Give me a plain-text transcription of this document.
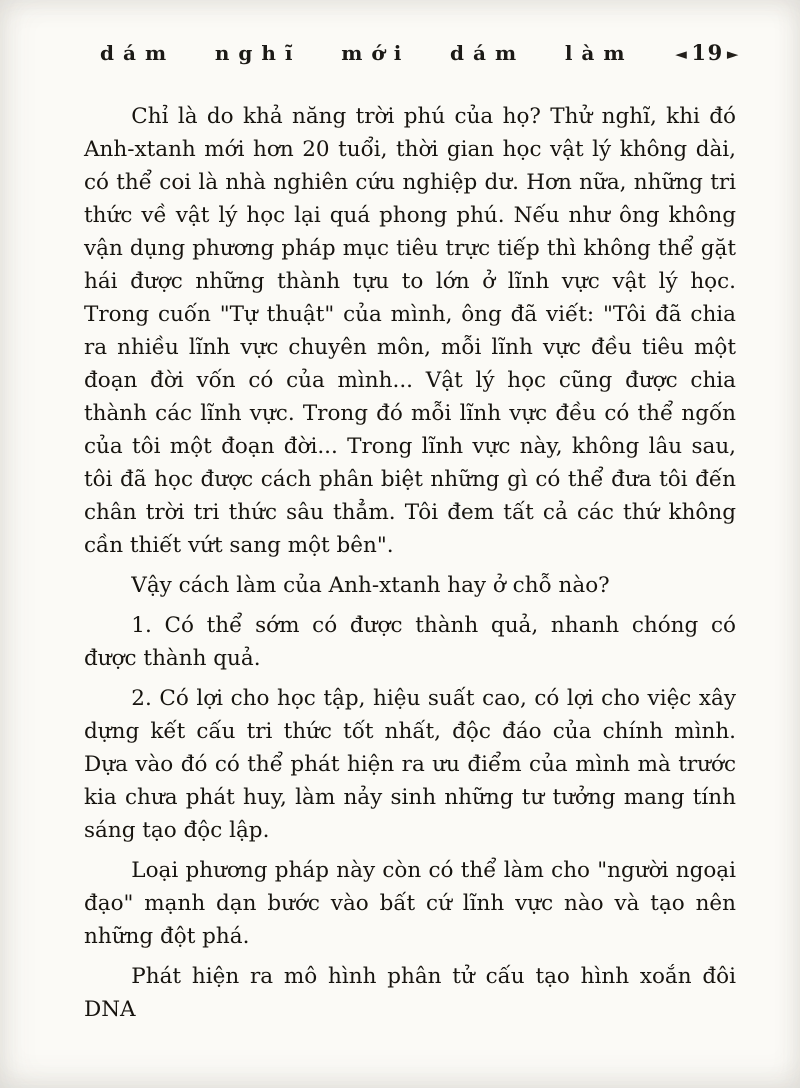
dám nghĩ mới dám làm	◄ 19 ►

Chỉ là do khả năng trời phú của họ? Thử nghĩ, khi đó Anh-xtanh mới hơn 20 tuổi, thời gian học vật lý không dài, có thể coi là nhà nghiên cứu nghiệp dư. Hơn nữa, những tri thức về vật lý học lại quá phong phú. Nếu như ông không vận dụng phương pháp mục tiêu trực tiếp thì không thể gặt hái được những thành tựu to lớn ở lĩnh vực vật lý học. Trong cuốn "Tự thuật" của mình, ông đã viết: "Tôi đã chia ra nhiều lĩnh vực chuyên môn, mỗi lĩnh vực đều tiêu một đoạn đời vốn có của mình... Vật lý học cũng được chia thành các lĩnh vực. Trong đó mỗi lĩnh vực đều có thể ngốn của tôi một đoạn đời... Trong lĩnh vực này, không lâu sau, tôi đã học được cách phân biệt những gì có thể đưa tôi đến chân trời tri thức sâu thẳm. Tôi đem tất cả các thứ không cần thiết vứt sang một bên".

Vậy cách làm của Anh-xtanh hay ở chỗ nào?

1. Có thể sớm có được thành quả, nhanh chóng có được thành quả.

2. Có lợi cho học tập, hiệu suất cao, có lợi cho việc xây dựng kết cấu tri thức tốt nhất, độc đáo của chính mình. Dựa vào đó có thể phát hiện ra ưu điểm của mình mà trước kia chưa phát huy, làm nảy sinh những tư tưởng mang tính sáng tạo độc lập.

Loại phương pháp này còn có thể làm cho "người ngoại đạo" mạnh dạn bước vào bất cứ lĩnh vực nào và tạo nên những đột phá.

Phát hiện ra mô hình phân tử cấu tạo hình xoắn đôi DNA
